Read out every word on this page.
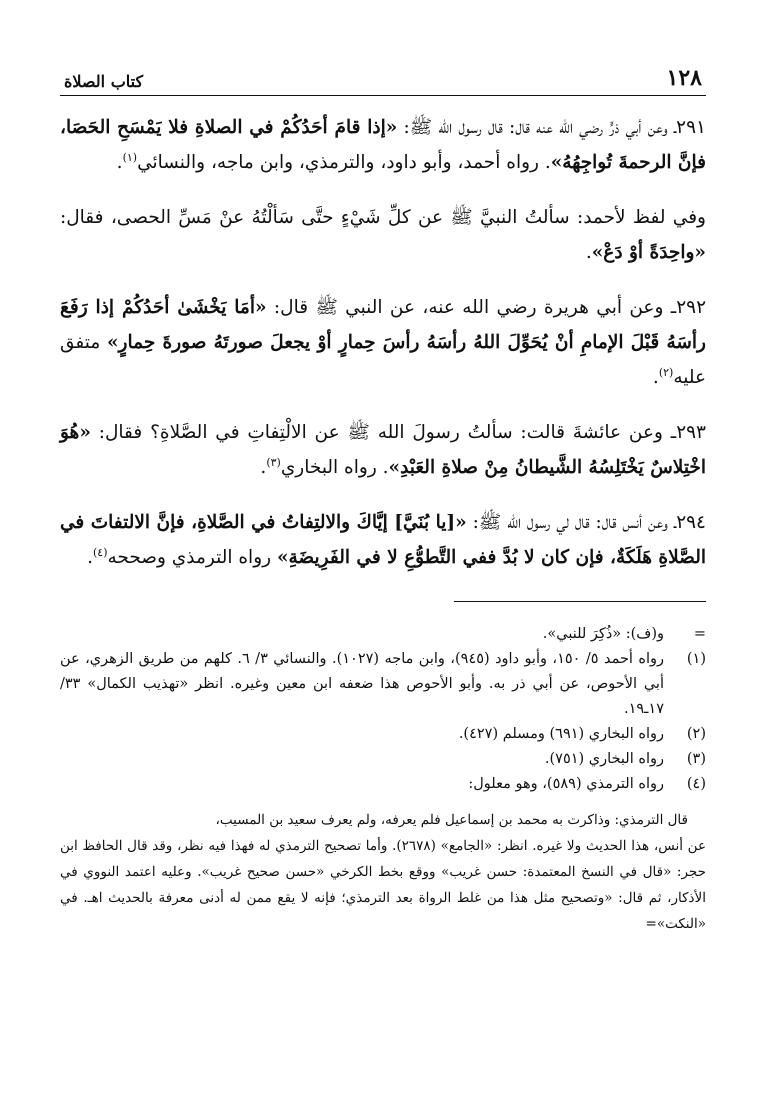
١٢٨
كتاب الصلاة

٢٩١ـ وعن أبي ذرٍّ رضي الله عنه قال: قال رسول الله ﷺ: «إذا قامَ أحَدُكُمْ في الصلاةِ فلا يَمْسَحِ الحَصَا، فإنَّ الرحمةَ تُواجِهُهُ». رواه أحمد، وأبو داود، والترمذي، وابن ماجه، والنسائي$^{(١)}$.

وفي لفظ لأحمد: سألتُ النبيَّ ﷺ عن كلِّ شَيْءٍ حتَّى سَألْتُهُ عنْ مَسِّ الحصى، فقال: «واحِدَةً أوْ دَعْ».

٢٩٢ـ وعن أبي هريرة رضي الله عنه، عن النبي ﷺ قال: «أمَا يَخْشَىٰ أحَدُكُمْ إذا رَفَعَ رأسَهُ قَبْلَ الإمامِ أنْ يُحَوِّلَ اللهُ رأسَهُ رأسَ حِمارٍ أوْ يجعلَ صورتَهُ صورةَ حِمارٍ» متفق عليه$^{(٢)}$.

٢٩٣ـ وعن عائشةَ قالت: سألتُ رسولَ الله ﷺ عن الالْتِفاتِ في الصَّلاةِ؟ فقال: «هُوَ اخْتِلاسٌ يَخْتَلِسُهُ الشَّيطانُ مِنْ صلاةِ العَبْدِ». رواه البخاري$^{(٣)}$.

٢٩٤ـ وعن أنس قال: قال لي رسول الله ﷺ: «[يا بُنَيَّ] إيَّاكَ والالتِفاتُ في الصَّلاةِ، فإنَّ الالتفاتَ في الصَّلاةِ هَلَكَةٌ، فإن كان لا بُدَّ ففي التَّطوُّعِ لا في الفَرِيضَةِ» رواه الترمذي وصححه$^{(٤)}$.

=
و(ف): «ذُكِرَ للنبي».
(١)
رواه أحمد ٥/ ١٥٠، وأبو داود (٩٤٥)، وابن ماجه (١٠٢٧). والنسائي ٣/ ٦. كلهم من طريق الزهري، عن أبي الأحوص، عن أبي ذر به. وأبو الأحوص هذا ضعفه ابن معين وغيره. انظر «تهذيب الكمال» ٣٣/ ١٧ـ١٩.
(٢)
رواه البخاري (٦٩١) ومسلم (٤٢٧).
(٣)
رواه البخاري (٧٥١).
(٤)
رواه الترمذي (٥٨٩)، وهو معلول:
قال الترمذي: وذاكرت به محمد بن إسماعيل فلم يعرفه، ولم يعرف سعيد بن المسيب،
عن أنس، هذا الحديث ولا غيره. انظر: «الجامع» (٢٦٧٨). وأما تصحيح الترمذي له فهذا فيه نظر، وقد قال الحافظ ابن حجر: «قال في النسخ المعتمدة: حسن غريب» ووقع بخط الكرخي «حسن صحيح غريب». وعليه اعتمد النووي في الأذكار، ثم قال: «وتصحيح مثل هذا من غلط الرواة بعد الترمذي؛ فإنه لا يقع ممن له أدنى معرفة بالحديث اهـ. في «النكت»=
